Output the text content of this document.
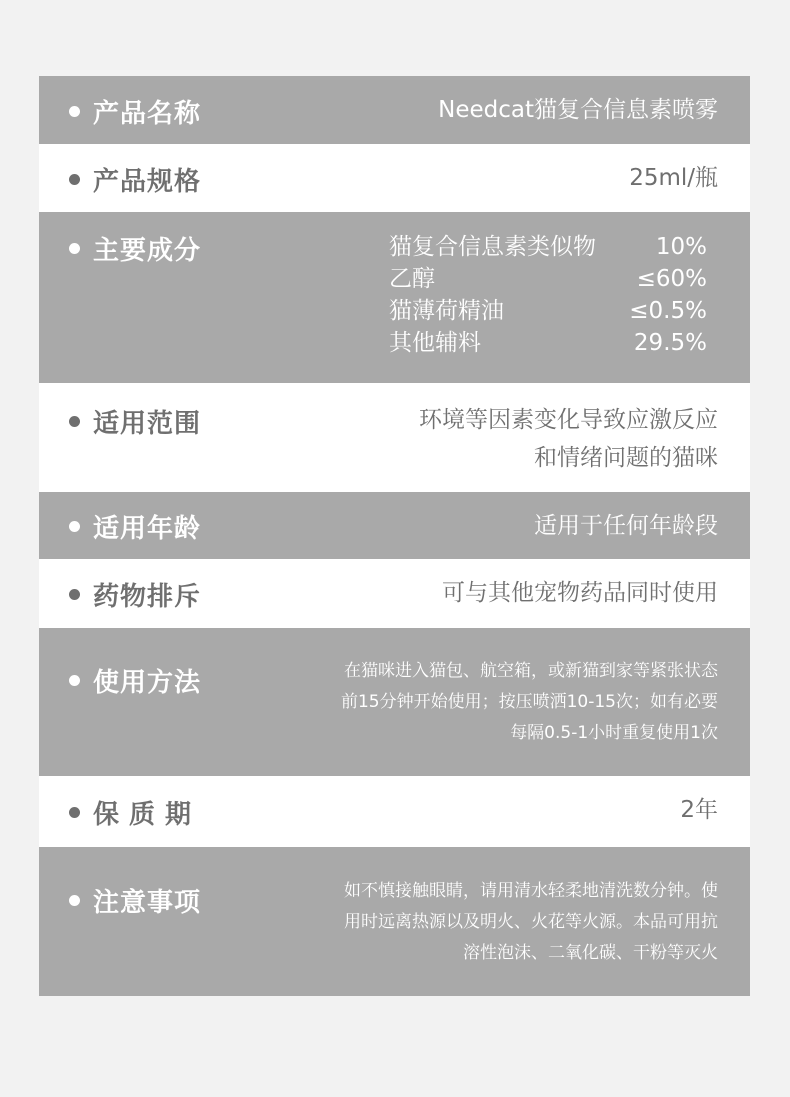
产品名称	Needcat猫复合信息素喷雾
产品规格	25ml/瓶
主要成分	猫复合信息素类似物	10%
乙醇	≤60%
猫薄荷精油	≤0.5%
其他辅料	29.5%
适用范围	环境等因素变化导致应激反应
和情绪问题的猫咪
适用年龄	适用于任何年龄段
药物排斥	可与其他宠物药品同时使用
使用方法	在猫咪进入猫包、航空箱，或新猫到家等紧张状态
前15分钟开始使用；按压喷洒10-15次；如有必要
每隔0.5-1小时重复使用1次
保质期	2年
注意事项	如不慎接触眼睛，请用清水轻柔地清洗数分钟。使
用时远离热源以及明火、火花等火源。本品可用抗
溶性泡沫、二氧化碳、干粉等灭火
